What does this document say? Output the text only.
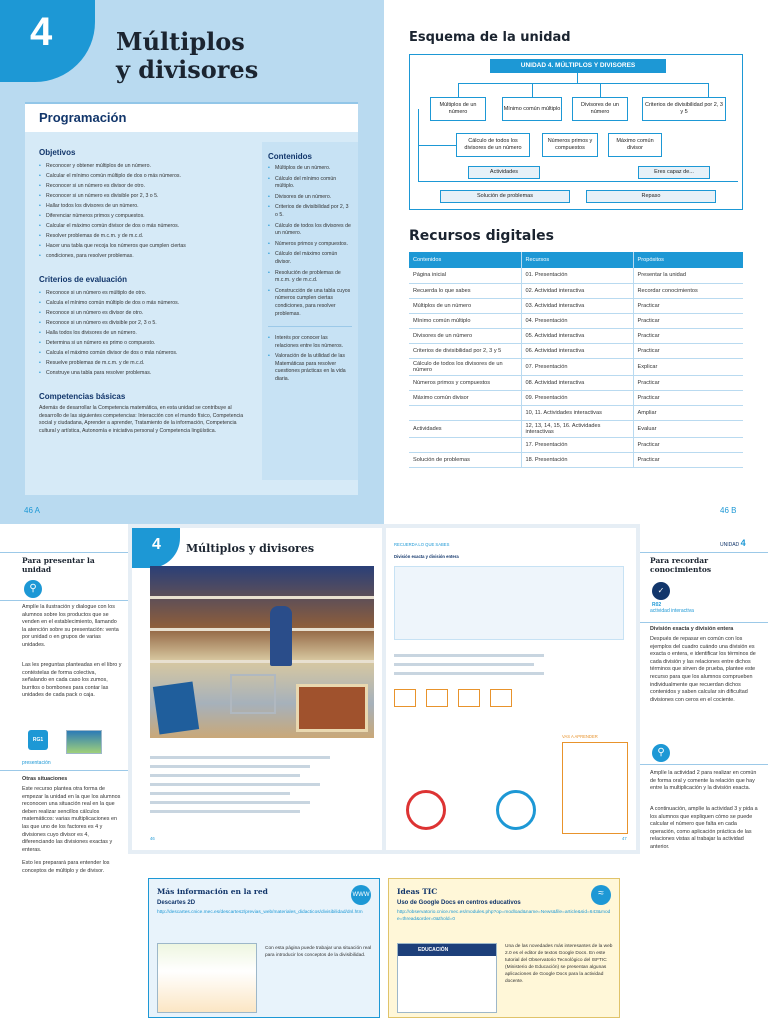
4	Múltiplos
y divisores
Programación
Objetivos
• Reconocer y obtener múltiplos de un número.
• Calcular el mínimo común múltiplo de dos o más números.
• Reconocer si un número es divisor de otro.
• Reconocer si un número es divisible por 2, 3 o 5.
• Hallar todos los divisores de un número.
• Diferenciar números primos y compuestos.
• Calcular el máximo común divisor de dos o más números.
• Resolver problemas de m.c.m. y de m.c.d.
• Hacer una tabla que recoja los números que cumplen ciertas
• condiciones, para resolver problemas.
Criterios de evaluación
• Reconoce si un número es múltiplo de otro.
• Calcula el mínimo común múltiplo de dos o más números.
• Reconoce si un número es divisor de otro.
• Reconoce si un número es divisible por 2, 3 o 5.
• Halla todos los divisores de un número.
• Determina si un número es primo o compuesto.
• Calcula el máximo común divisor de dos o más números.
• Resuelve problemas de m.c.m. y de m.c.d.
• Construye una tabla para resolver problemas.
Competencias básicas
Además de desarrollar la Competencia matemática, en esta unidad se contribuye al desarrollo de las siguientes competencias: Interacción con el mundo físico, Competencia social y ciudadana, Aprender a aprender, Tratamiento de la información, Competencia cultural y artística, Autonomía e iniciativa personal y Competencia lingüística.
Contenidos
• Múltiplos de un número.
• Cálculo del mínimo común múltiplo.
• Divisores de un número.
• Criterios de divisibilidad por 2, 3 o 5.
• Cálculo de todos los divisores de un número.
• Números primos y compuestos.
• Cálculo del máximo común divisor.
• Resolución de problemas de m.c.m. y de m.c.d.
• Construcción de una tabla cuyos números cumplen ciertas condiciones, para resolver problemas.
• Interés por conocer las relaciones entre los números.
• Valoración de la utilidad de las Matemáticas para resolver cuestiones prácticas en la vida diaria.
46 A
Esquema de la unidad
UNIDAD 4. MÚLTIPLOS Y DIVISORES
Múltiplos de un número
Mínimo común múltiplo
Divisores de un número
Criterios de divisibilidad por 2, 3 y 5
Cálculo de todos los divisores de un número
Números primos y compuestos
Máximo común divisor
Actividades	Eres capaz de...
Solución de problemas	Repaso
Recursos digitales
Contenidos	Recursos	Propósitos
Página inicial	01. Presentación	Presentar la unidad
Recuerda lo que sabes	02. Actividad interactiva	Recordar conocimientos
Múltiplos de un número	03. Actividad interactiva	Practicar
Mínimo común múltiplo	04. Presentación	Practicar
Divisores de un número	05. Actividad interactiva	Practicar
Criterios de divisibilidad por 2, 3 y 5	06. Actividad interactiva	Practicar
Cálculo de todos los divisores de un número	07. Presentación	Explicar
Números primos y compuestos	08. Actividad interactiva	Practicar
Máximo común divisor	09. Presentación	Practicar
	10, 11. Actividades interactivas	Ampliar
Actividades	12, 13, 14, 15, 16. Actividades interactivas	Evaluar
	17. Presentación	Practicar
Solución de problemas	18. Presentación	Practicar
46 B
Para presentar la unidad
⚲
Amplíe la ilustración y dialogue con los alumnos sobre los productos que se venden en el establecimiento, llamando la atención sobre su presentación: venta por unidad o en grupos de varias unidades.
Las les preguntas planteadas en el libro y contéstelas de forma colectiva, señalando en cada caso los zumos, burritos o bombones para contar las unidades de cada pack o caja.
RG1
presentación
Otras situaciones
Este recurso plantea otra forma de empezar la unidad en la que los alumnos reconocen una situación real en la que deben realizar sencillos cálculos matemáticos: varias multiplicaciones en las que uno de los factores es 4 y divisiones cuyo divisor es 4, diferenciando las divisiones exactas y enteras.
Esto les preparará para entender los conceptos de múltiplo y de divisor.
4 Múltiplos y divisores

46
RECUERDA LO QUE SABES
División exacta y división entera
VAS A APRENDER
47
UNIDAD 4
Para recordar conocimientos
✓
R02
actividad interactiva
División exacta y división entera
Después de repasar en común con los ejemplos del cuadro cuándo una división es exacta o entera, e identificar los términos de cada división y las relaciones entre dichos términos que sirven de prueba, plantee este recurso para que los alumnos comprueben individualmente que recuerdan dichos contenidos y saben calcular sin dificultad divisiones con ceros en el cociente.
⚲
Amplíe la actividad 2 para realizar en común de forma oral y comente la relación que hay entre la multiplicación y la división exacta.
A continuación, amplíe la actividad 3 y pida a los alumnos que expliquen cómo se puede calcular el número que falta en cada operación, como aplicación práctica de las relaciones vistas al trabajar la actividad anterior.
Más información en la red	WWW
Descartes 2D
http://descartes.cnice.mec.es/descartes2/previas_web/materiales_didacticos/divisibilidad/dnl.htm
Con esta página puede trabajar una situación real para introducir los conceptos de la divisibilidad.
Ideas TIC	≈
Uso de Google Docs en centros educativos
http://observatorio.cnice.mec.es/modules.php?op=modload&name=News&file=article&sid=643&mode=thread&order=0&thold=0
EDUCACIÓN
Una de las novedades más interesantes de la web 2.0 es el editor de textos Google Docs. En este tutorial del Observatorio Tecnológico del ISFTIC (Ministerio de Educación) se presentan algunas aplicaciones de Google Docs para la actividad docente.
